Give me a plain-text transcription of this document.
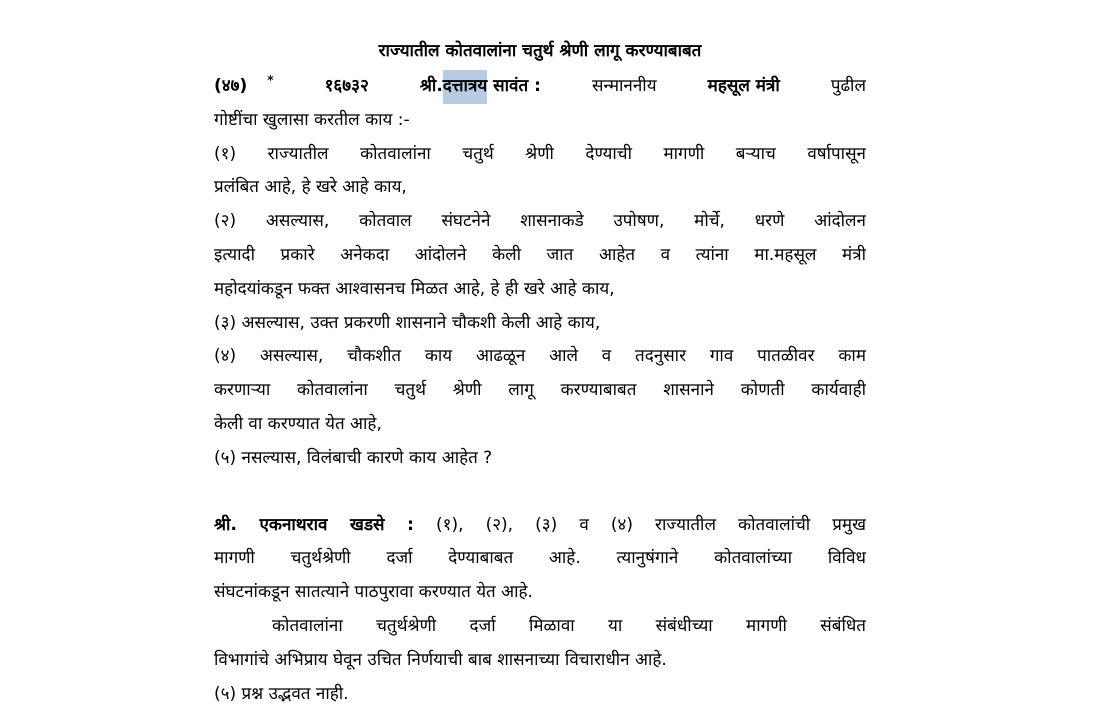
राज्यातील कोतवालांना चतुर्थ श्रेणी लागू करण्याबाबत
(४७) *	१६७३२	श्री.दत्तात्रय सावंत :	सन्माननीय	महसूल मंत्री	पुढील
गोष्टींचा खुलासा करतील काय :-
(१) राज्यातील कोतवालांना चतुर्थ श्रेणी देण्याची मागणी बऱ्याच वर्षापासून
प्रलंबित आहे, हे खरे आहे काय,
(२) असल्यास, कोतवाल संघटनेने शासनाकडे उपोषण, मोर्चे, धरणे आंदोलन
इत्यादी प्रकारे अनेकदा आंदोलने केली जात आहेत व त्यांना मा.महसूल मंत्री
महोदयांकडून फक्त आश्वासनच मिळत आहे, हे ही खरे आहे काय,
(३) असल्यास, उक्त प्रकरणी शासनाने चौकशी केली आहे काय,
(४) असल्यास, चौकशीत काय आढळून आले व तदनुसार गाव पातळीवर काम
करणाऱ्या कोतवालांना चतुर्थ श्रेणी लागू करण्याबाबत शासनाने कोणती कार्यवाही
केली वा करण्यात येत आहे,
(५) नसल्यास, विलंबाची कारणे काय आहेत ?
श्री. एकनाथराव खडसे : (१), (२), (३) व (४) राज्यातील कोतवालांची प्रमुख
मागणी चतुर्थश्रेणी दर्जा देण्याबाबत आहे. त्यानुषंगाने कोतवालांच्या विविध
संघटनांकडून सातत्याने पाठपुरावा करण्यात येत आहे.
कोतवालांना चतुर्थश्रेणी दर्जा मिळावा या संबंधीच्या मागणी संबंधित
विभागांचे अभिप्राय घेवून उचित निर्णयाची बाब शासनाच्या विचाराधीन आहे.
(५) प्रश्न उद्भवत नाही.
